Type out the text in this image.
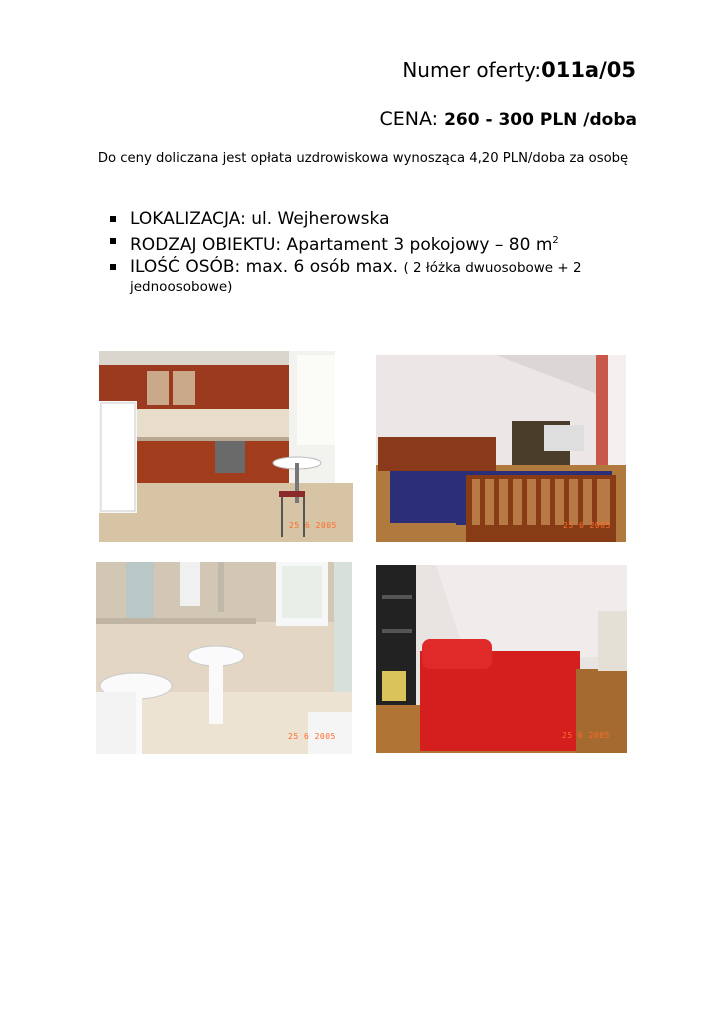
Numer oferty:011a/05
CENA: 260 - 300 PLN /doba
Do ceny doliczana jest opłata uzdrowiskowa wynosząca 4,20 PLN/doba za osobę
LOKALIZACJA: ul. Wejherowska
RODZAJ OBIEKTU: Apartament 3 pokojowy – 80 $m^2$
ILOŚĆ OSÓB: max. 6 osób max. ( 2 łóżka dwuosobowe + 2
jednoosobowe)
25 6 2005	25 6 2005
25 6 2005	25 6 2005
